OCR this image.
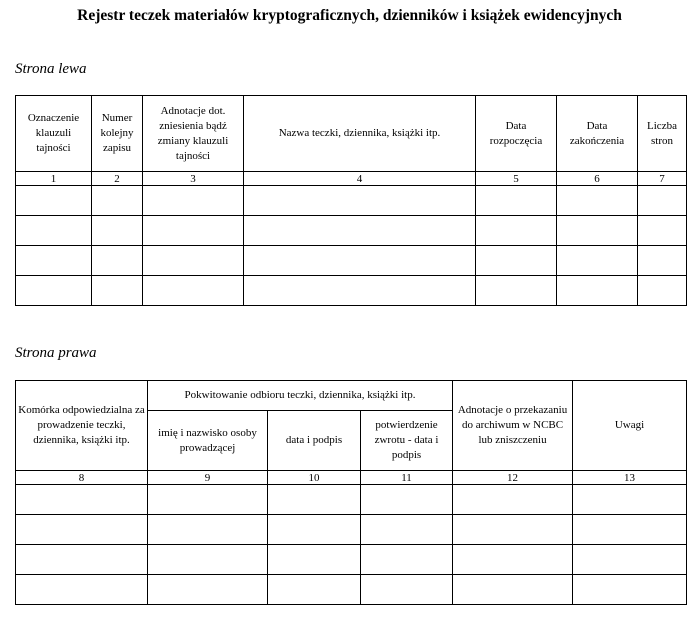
Rejestr teczek materiałów kryptograficznych, dzienników i książek ewidencyjnych
Strona lewa
Oznaczenie klauzuli tajności	Numer kolejny zapisu	Adnotacje dot. zniesienia bądź zmiany klauzuli tajności	Nazwa teczki, dziennika, książki itp.	Data rozpoczęcia	Data zakończenia	Liczba stron
1	2	3	4	5	6	7

Strona prawa
Komórka odpowiedzialna za prowadzenie teczki, dziennika, książki itp.	Pokwitowanie odbioru teczki, dziennika, książki itp.			Adnotacje o przekazaniu do archiwum w NCBC lub zniszczeniu	Uwagi
	imię i nazwisko osoby prowadzącej	data i podpis	potwierdzenie zwrotu - data i podpis		
8	9	10	11	12	13
